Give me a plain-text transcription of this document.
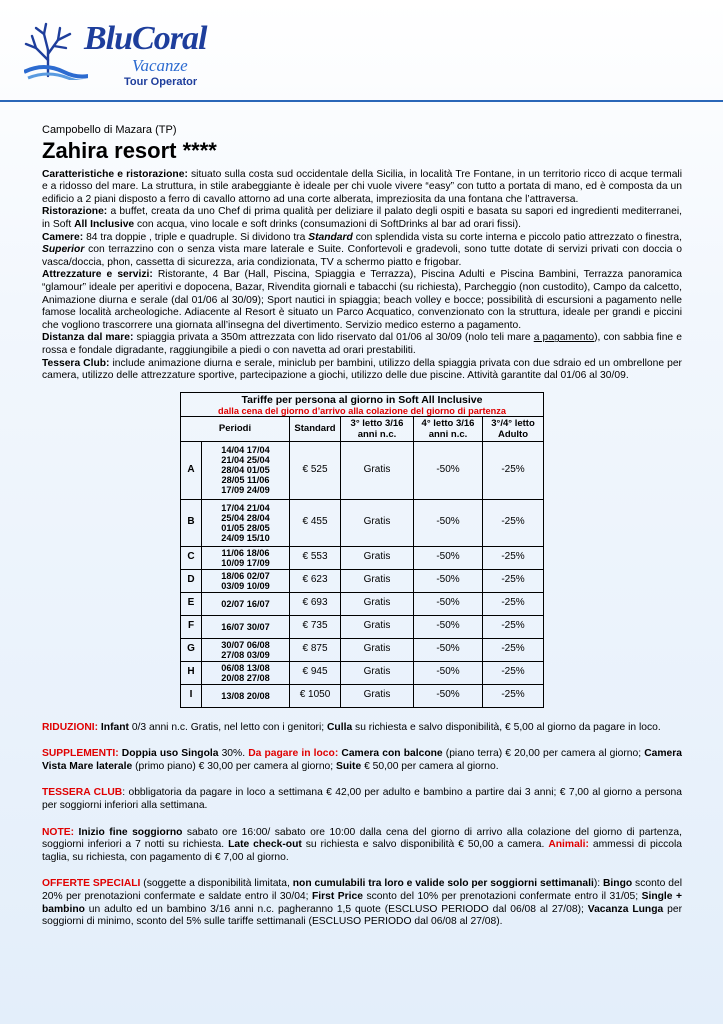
BluCoral
Vacanze
Tour Operator
Campobello di Mazara (TP)
Zahira resort ****

Caratteristiche e ristorazione: situato sulla costa sud occidentale della Sicilia, in località Tre Fontane, in un territorio ricco di acque termali e a ridosso del mare. La struttura, in stile arabeggiante è ideale per chi vuole vivere “easy” con tutto a portata di mano, ed è composta da un edificio a 2 piani disposto a ferro di cavallo attorno ad una corte alberata, impreziosita da una fontana che l’attraversa.
Ristorazione: a buffet, creata da uno Chef di prima qualità per deliziare il palato degli ospiti e basata su sapori ed ingredienti mediterranei, in Soft All Inclusive con acqua, vino locale e soft drinks (consumazioni di SoftDrinks al bar ad orari fissi).
Camere: 84 tra doppie , triple e quadruple. Si dividono tra Standard con splendida vista su corte interna e piccolo patio attrezzato o finestra, Superior con terrazzino con o senza vista mare laterale e Suite. Confortevoli e gradevoli, sono tutte dotate di servizi privati con doccia o vasca/doccia, phon, cassetta di sicurezza, aria condizionata, TV a schermo piatto e frigobar.
Attrezzature e servizi: Ristorante, 4 Bar (Hall, Piscina, Spiaggia e Terrazza), Piscina Adulti e Piscina Bambini, Terrazza panoramica “glamour” ideale per aperitivi e dopocena, Bazar, Rivendita giornali e tabacchi (su richiesta), Parcheggio (non custodito), Campo da calcetto, Animazione diurna e serale (dal 01/06 al 30/09); Sport nautici in spiaggia; beach volley e bocce; possibilità di escursioni a pagamento nelle famose località archeologiche. Adiacente al Resort è situato un Parco Acquatico, convenzionato con la struttura, ideale per grandi e piccini che vogliono trascorrere una giornata all’insegna del divertimento. Servizio medico esterno a pagamento.
Distanza dal mare: spiaggia privata a 350m attrezzata con lido riservato dal 01/06 al 30/09 (nolo teli mare a pagamento), con sabbia fine e rossa e fondale digradante, raggiungibile a piedi o con navetta ad orari prestabiliti.
Tessera Club: include animazione diurna e serale, miniclub per bambini, utilizzo della spiaggia privata con due sdraio ed un ombrellone per camera, utilizzo delle attrezzature sportive, partecipazione a giochi, utilizzo delle due piscine. Attività garantite dal 01/06 al 30/09.

Tariffe per persona al giorno in Soft All Inclusive
dalla cena del giorno d’arrivo alla colazione del giorno di partenza					

Periodi		Standard	3° letto 3/16 anni n.c.	4° letto 3/16 anni n.c.	3°/4° letto Adulto
A	14/04 17/04
21/04 25/04
28/04 01/05
28/05 11/06
17/09 24/09	€ 525	Gratis	-50%	-25%
B	17/04 21/04
25/04 28/04
01/05 28/05
24/09 15/10	€ 455	Gratis	-50%	-25%
C	11/06 18/06
10/09 17/09	€ 553	Gratis	-50%	-25%
D	18/06 02/07
03/09 10/09	€ 623	Gratis	-50%	-25%
E	02/07 16/07	€ 693	Gratis	-50%	-25%
F	16/07 30/07	€ 735	Gratis	-50%	-25%
G	30/07 06/08
27/08 03/09	€ 875	Gratis	-50%	-25%
H	06/08 13/08
20/08 27/08	€ 945	Gratis	-50%	-25%
I	13/08 20/08	€ 1050	Gratis	-50%	-25%

RIDUZIONI: Infant 0/3 anni n.c. Gratis, nel letto con i genitori; Culla su richiesta e salvo disponibilità, € 5,00 al giorno da pagare in loco.

SUPPLEMENTI: Doppia uso Singola 30%. Da pagare in loco: Camera con balcone (piano terra) € 20,00 per camera al giorno; Camera Vista Mare laterale (primo piano) € 30,00 per camera al giorno; Suite € 50,00 per camera al giorno.

TESSERA CLUB: obbligatoria da pagare in loco a settimana € 42,00 per adulto e bambino a partire dai 3 anni; € 7,00 al giorno a persona per soggiorni inferiori alla settimana.

NOTE: Inizio fine soggiorno sabato ore 16:00/ sabato ore 10:00 dalla cena del giorno di arrivo alla colazione del giorno di partenza, soggiorni inferiori a 7 notti su richiesta. Late check-out su richiesta e salvo disponibilità € 50,00 a camera. Animali: ammessi di piccola taglia, su richiesta, con pagamento di € 7,00 al giorno.

OFFERTE SPECIALI (soggette a disponibilità limitata, non cumulabili tra loro e valide solo per soggiorni settimanali): Bingo sconto del 20% per prenotazioni confermate e saldate entro il 30/04; First Price sconto del 10% per prenotazioni confermate entro il 31/05; Single + bambino un adulto ed un bambino 3/16 anni n.c. pagheranno 1,5 quote (ESCLUSO PERIODO dal 06/08 al 27/08); Vacanza Lunga per soggiorni di minimo, sconto del 5% sulle tariffe settimanali (ESCLUSO PERIODO dal 06/08 al 27/08).
